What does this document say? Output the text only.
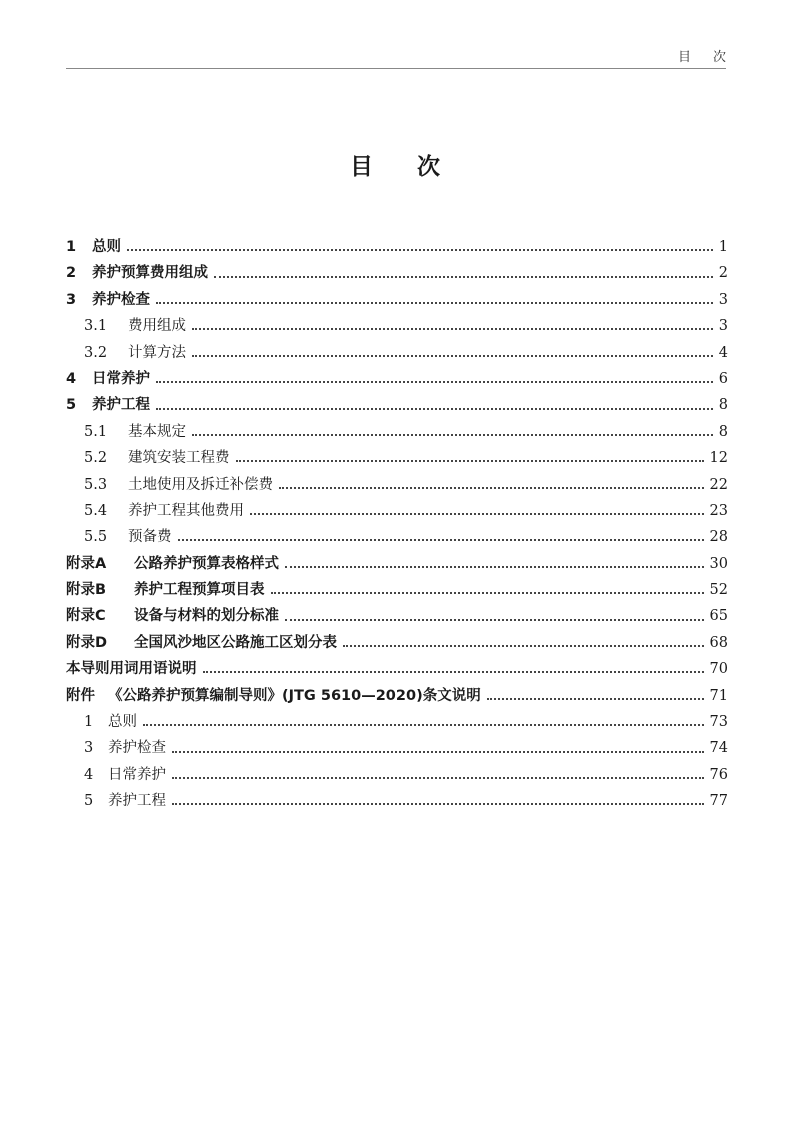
目次
目次
1	总则	1
2	养护预算费用组成	2
3	养护检查	3
3.1	费用组成	3
3.2	计算方法	4
4	日常养护	6
5	养护工程	8
5.1	基本规定	8
5.2	建筑安装工程费	12
5.3	土地使用及拆迁补偿费	22
5.4	养护工程其他费用	23
5.5	预备费	28
附录A	公路养护预算表格样式	30
附录B	养护工程预算项目表	52
附录C	设备与材料的划分标准	65
附录D	全国风沙地区公路施工区划分表	68
本导则用词用语说明	70
附件 《公路养护预算编制导则》(JTG 5610—2020)条文说明	71
1	总则	73
3	养护检查	74
4	日常养护	76
5	养护工程	77
